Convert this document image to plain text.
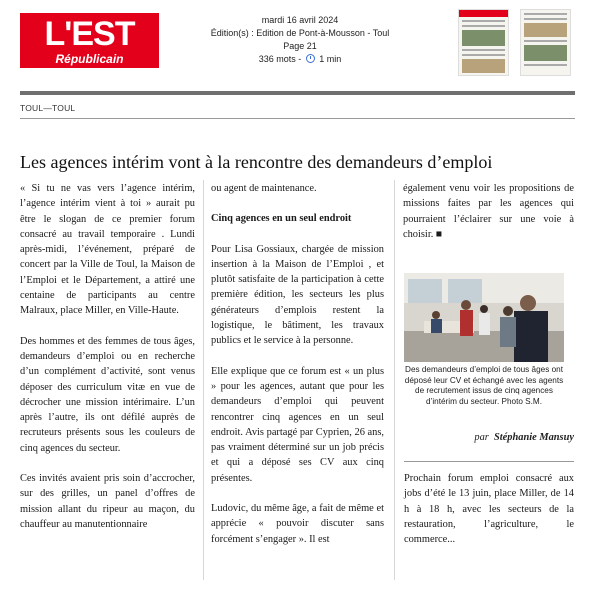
L'EST
Républicain
mardi 16 avril 2024
Édition(s) : Edition de Pont-à-Mousson - Toul
Page 21
336 mots - 1 min
TOUL—TOUL
Les agences intérim vont à la rencontre des demandeurs d’emploi

« Si tu ne vas vers l’agence intérim, l’agence intérim vient à toi » aurait pu être le slogan de ce premier forum consacré au travail temporaire . Lundi après-midi, l’événement, préparé de concert par la Ville de Toul, la Maison de l’Emploi et le Département, a attiré une centaine de participants au centre Malraux, place Miller, en Ville-Haute.

Des hommes et des femmes de tous âges, demandeurs d’emploi ou en recherche d’un complément d’activité, sont venus déposer des curriculum vitæ en vue de décrocher une mission intérimaire. L’un après l’autre, ils ont défilé auprès de recruteurs présents sous les couleurs de cinq agences du secteur.

Ces invités avaient pris soin d’accrocher, sur des grilles, un panel d’offres de mission allant du ripeur au maçon, du chauffeur au manutentionnaire

ou agent de maintenance.

Cinq agences en un seul endroit

Pour Lisa Gossiaux, chargée de mission insertion à la Maison de l’Emploi , et plutôt satisfaite de la participation à cette première édition, les secteurs les plus générateurs d’emplois restent la logistique, le bâtiment, les travaux publics et le service à la personne.

Elle explique que ce forum est « un plus » pour les agences, autant que pour les demandeurs d’emploi qui peuvent rencontrer cinq agences en un seul endroit. Avis partagé par Cyprien, 26 ans, pas vraiment déterminé sur un job précis et qui a déposé ses CV aux cinq présentes.

Ludovic, du même âge, a fait de même et apprécie « pouvoir discuter sans forcément s’engager ». Il est

également venu voir les propositions de missions faites par les agences qui pourraient l’éclairer sur une voie à choisir. ■

Des demandeurs d’emploi de tous âges ont déposé leur CV et échangé avec les agents de recrutement issus de cinq agences d’intérim du secteur. Photo S.M.
par Stéphanie Mansuy
Prochain forum emploi consacré aux jobs d’été le 13 juin, place Miller, de 14 h à 18 h, avec les secteurs de la restauration, l’agriculture, le commerce...
